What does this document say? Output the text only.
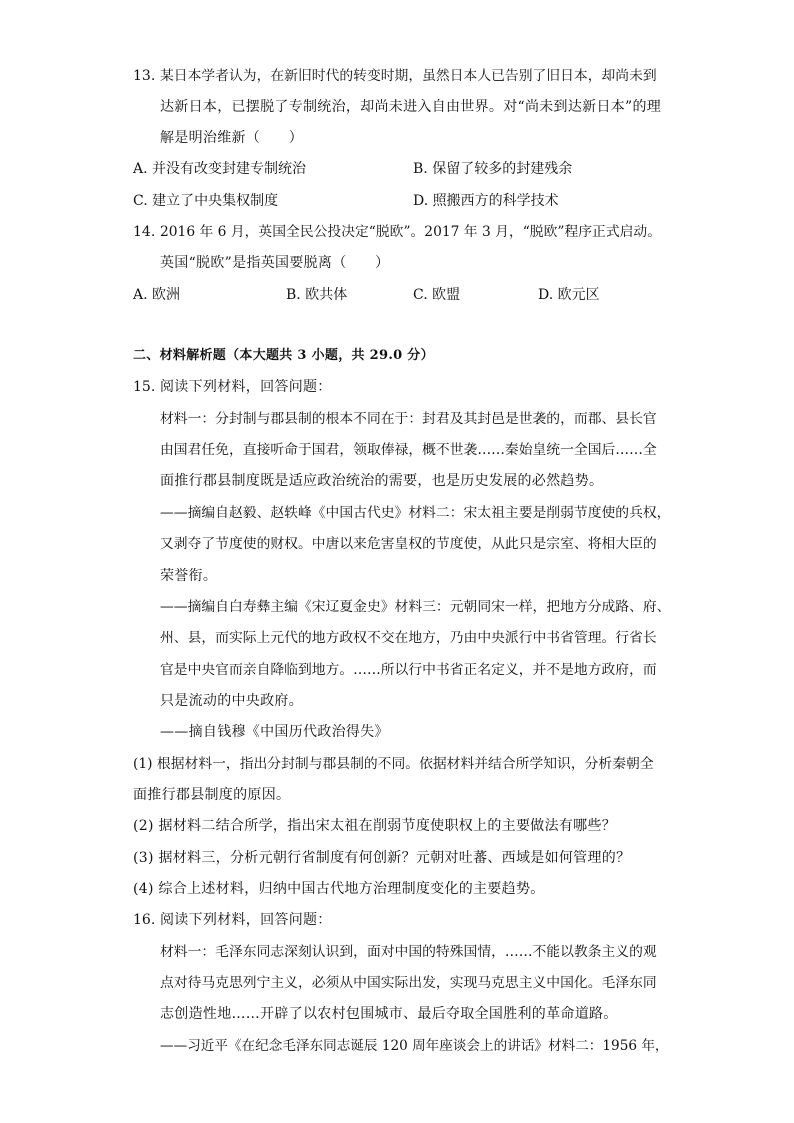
13. 某日本学者认为，在新旧时代的转变时期，虽然日本人已告别了旧日本，却尚未到
达新日本，已摆脱了专制统治，却尚未进入自由世界。对“尚未到达新日本”的理
解是明治维新（　　）
A. 并没有改变封建专制统治	B. 保留了较多的封建残余
C. 建立了中央集权制度	D. 照搬西方的科学技术
14. 2016 年 6 月，英国全民公投决定“脱欧”。2017 年 3 月，“脱欧”程序正式启动。
英国“脱欧”是指英国要脱离（　　）
A. 欧洲	B. 欧共体	C. 欧盟	D. 欧元区
二、材料解析题（本大题共 3 小题，共 29.0 分）
15. 阅读下列材料，回答问题：
材料一：分封制与郡县制的根本不同在于：封君及其封邑是世袭的，而郡、县长官
由国君任免，直接听命于国君，领取俸禄，概不世袭……秦始皇统一全国后……全
面推行郡县制度既是适应政治统治的需要，也是历史发展的必然趋势。
——摘编自赵毅、赵轶峰《中国古代史》材料二：宋太祖主要是削弱节度使的兵权，
又剥夺了节度使的财权。中唐以来危害皇权的节度使，从此只是宗室、将相大臣的
荣誉衔。
——摘编自白寿彝主编《宋辽夏金史》材料三：元朝同宋一样，把地方分成路、府、
州、县，而实际上元代的地方政权不交在地方，乃由中央派行中书省管理。行省长
官是中央官而亲自降临到地方。……所以行中书省正名定义，并不是地方政府，而
只是流动的中央政府。
——摘自钱穆《中国历代政治得失》
(1) 根据材料一，指出分封制与郡县制的不同。依据材料并结合所学知识，分析秦朝全
面推行郡县制度的原因。
(2) 据材料二结合所学，指出宋太祖在削弱节度使职权上的主要做法有哪些？
(3) 据材料三，分析元朝行省制度有何创新？元朝对吐蕃、西域是如何管理的？
(4) 综合上述材料，归纳中国古代地方治理制度变化的主要趋势。
16. 阅读下列材料，回答问题：
材料一：毛泽东同志深刻认识到，面对中国的特殊国情，……不能以教条主义的观
点对待马克思列宁主义，必须从中国实际出发，实现马克思主义中国化。毛泽东同
志创造性地……开辟了以农村包围城市、最后夺取全国胜利的革命道路。
——习近平《在纪念毛泽东同志诞辰 120 周年座谈会上的讲话》材料二：1956 年，
